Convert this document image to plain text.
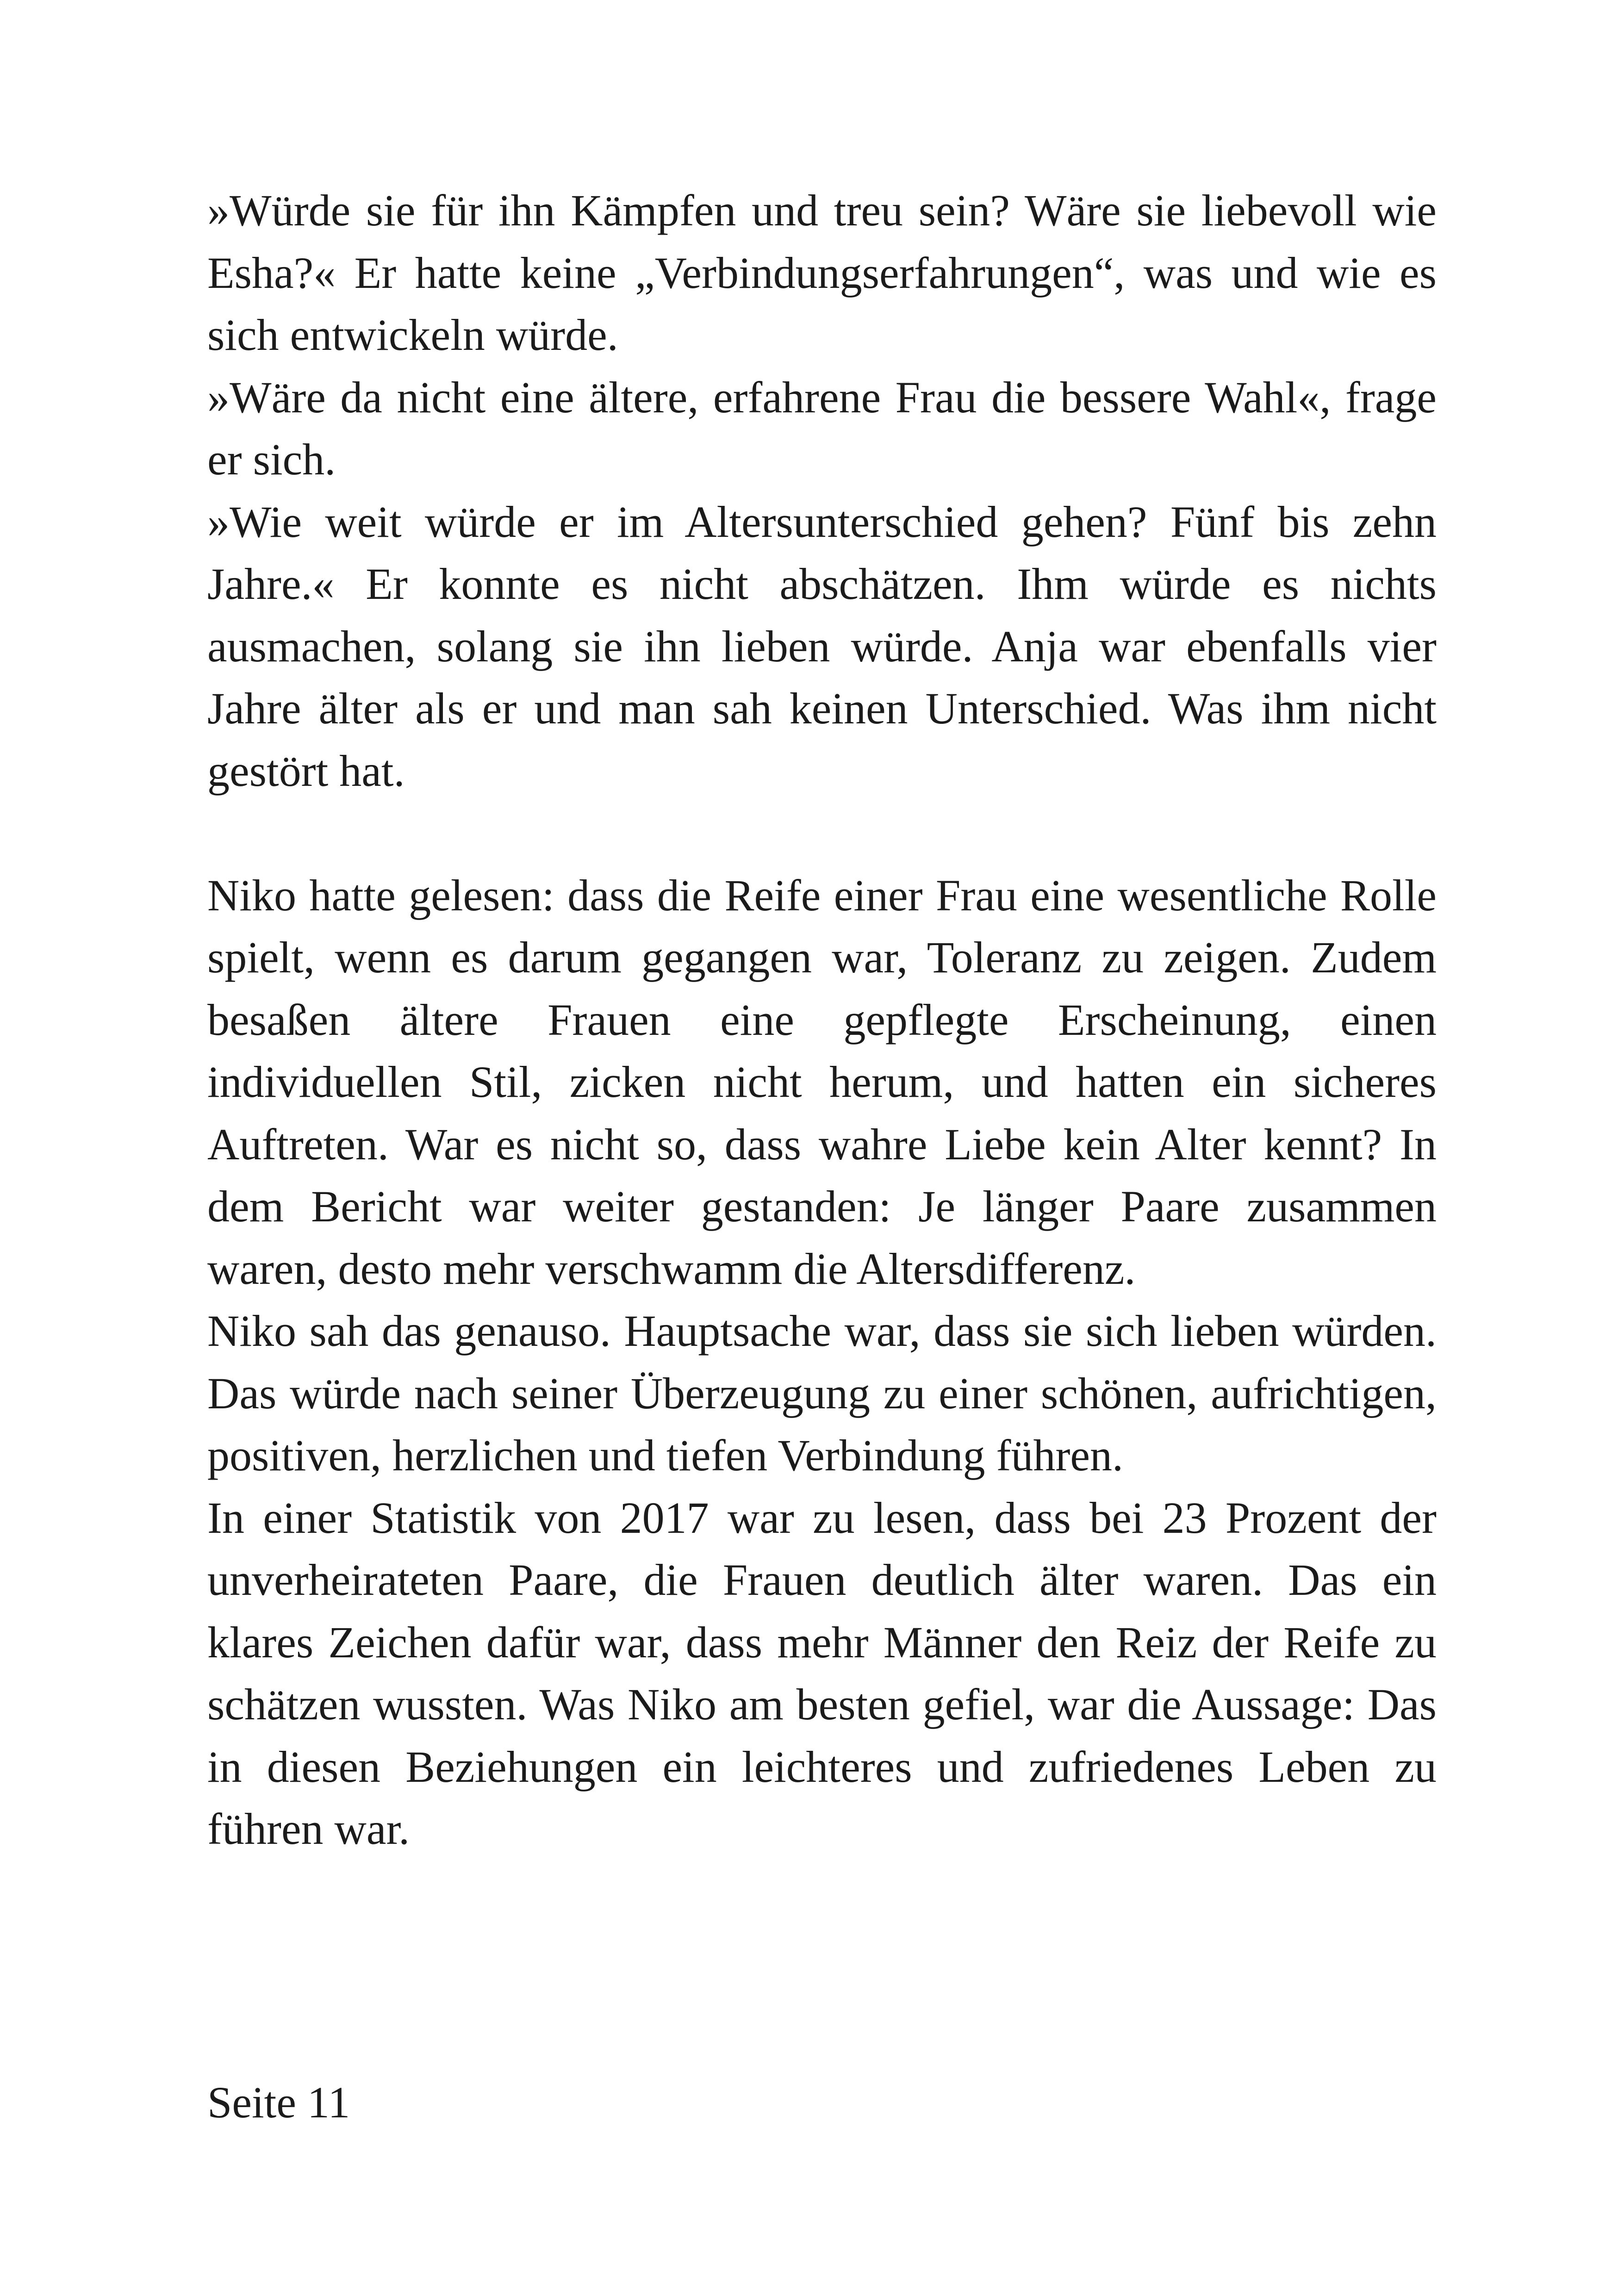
»Würde sie für ihn Kämpfen und treu sein? Wäre sie liebevoll wie Esha?« Er hatte keine „Verbindungserfahrungen“, was und wie es sich entwickeln würde.

»Wäre da nicht eine ältere, erfahrene Frau die bessere Wahl«, frage er sich.

»Wie weit würde er im Altersunterschied gehen? Fünf bis zehn Jahre.« Er konnte es nicht abschätzen. Ihm würde es nichts ausmachen, solang sie ihn lieben würde. Anja war ebenfalls vier Jahre älter als er und man sah keinen Unterschied. Was ihm nicht gestört hat.

Niko hatte gelesen: dass die Reife einer Frau eine wesentliche Rolle spielt, wenn es darum gegangen war, Toleranz zu zeigen. Zudem besaßen ältere Frauen eine gepflegte Erscheinung, einen individuellen Stil, zicken nicht herum, und hatten ein sicheres Auftreten. War es nicht so, dass wahre Liebe kein Alter kennt? In dem Bericht war weiter gestanden: Je länger Paare zusammen waren, desto mehr verschwamm die Altersdifferenz.

Niko sah das genauso. Hauptsache war, dass sie sich lieben würden. Das würde nach seiner Überzeugung zu einer schönen, aufrichtigen, positiven, herzlichen und tiefen Verbindung führen.

In einer Statistik von 2017 war zu lesen, dass bei 23 Prozent der unverheirateten Paare, die Frauen deutlich älter waren. Das ein klares Zeichen dafür war, dass mehr Männer den Reiz der Reife zu schätzen wussten. Was Niko am besten gefiel, war die Aussage: Das in diesen Beziehungen ein leichteres und zufriedenes Leben zu führen war.

Seite 11
